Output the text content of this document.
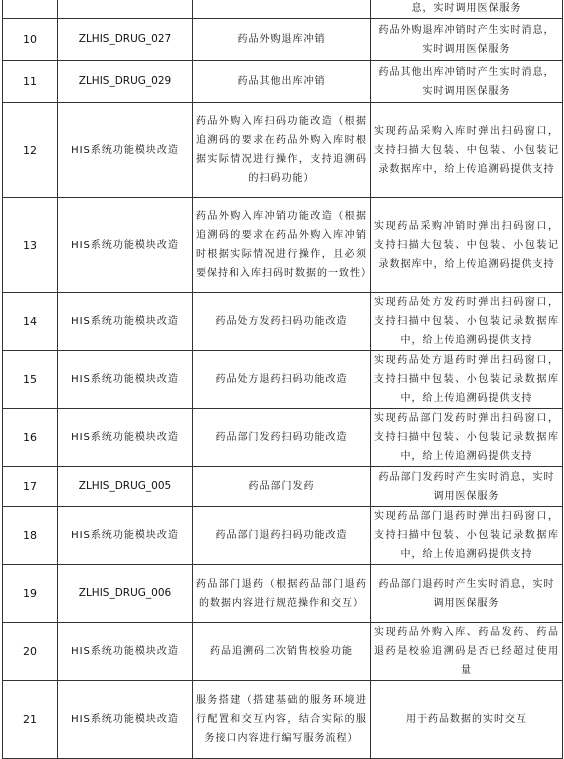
			息，实时调用医保服务
10	ZLHIS_DRUG_027	药品外购退库冲销	药品外购退库冲销时产生实时消息，实时调用医保服务
11	ZLHIS_DRUG_029	药品其他出库冲销	药品其他出库冲销时产生实时消息，实时调用医保服务
12	HIS系统功能模块改造	药品外购入库扫码功能改造（根据追溯码的要求在药品外购入库时根据实际情况进行操作，支持追溯码的扫码功能）	实现药品采购入库时弹出扫码窗口，支持扫描大包装、中包装、小包装记录数据库中，给上传追溯码提供支持
13	HIS系统功能模块改造	药品外购入库冲销功能改造（根据追溯码的要求在药品外购入库冲销时根据实际情况进行操作，且必须要保持和入库扫码时数据的一致性）	实现药品采购冲销时弹出扫码窗口，支持扫描大包装、中包装、小包装记录数据库中，给上传追溯码提供支持
14	HIS系统功能模块改造	药品处方发药扫码功能改造	实现药品处方发药时弹出扫码窗口，支持扫描中包装、小包装记录数据库中，给上传追溯码提供支持
15	HIS系统功能模块改造	药品处方退药扫码功能改造	实现药品处方退药时弹出扫码窗口，支持扫描中包装、小包装记录数据库中，给上传追溯码提供支持
16	HIS系统功能模块改造	药品部门发药扫码功能改造	实现药品部门发药时弹出扫码窗口，支持扫描中包装、小包装记录数据库中，给上传追溯码提供支持
17	ZLHIS_DRUG_005	药品部门发药	药品部门发药时产生实时消息，实时调用医保服务
18	HIS系统功能模块改造	药品部门退药扫码功能改造	实现药品部门退药时弹出扫码窗口，支持扫描中包装、小包装记录数据库中，给上传追溯码提供支持
19	ZLHIS_DRUG_006	药品部门退药（根据药品部门退药的数据内容进行规范操作和交互）	药品部门退药时产生实时消息，实时调用医保服务
20	HIS系统功能模块改造	药品追溯码二次销售校验功能	实现药品外购入库、药品发药、药品退药是校验追溯码是否已经超过使用量
21	HIS系统功能模块改造	服务搭建（搭建基础的服务环境进行配置和交互内容，结合实际的服务接口内容进行编写服务流程）	用于药品数据的实时交互
